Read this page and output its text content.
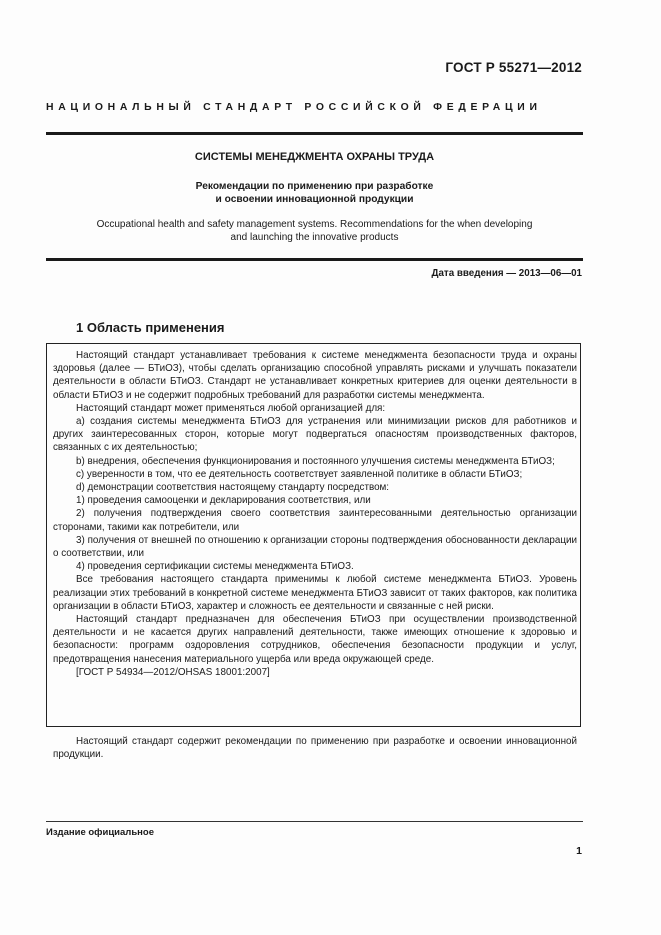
ГОСТ Р 55271—2012
НАЦИОНАЛЬНЫЙ СТАНДАРТ РОССИЙСКОЙ ФЕДЕРАЦИИ
СИСТЕМЫ МЕНЕДЖМЕНТА ОХРАНЫ ТРУДА
Рекомендации по применению при разработке
и освоении инновационной продукции
Occupational health and safety management systems. Recommendations for the when developing
and launching the innovative products
Дата введения — 2013—06—01
1 Область применения

Настоящий стандарт устанавливает требования к системе менеджмента безопасности труда и охраны здоровья (далее — БТиОЗ), чтобы сделать организацию способной управлять рисками и улучшать показатели деятельности в области БТиОЗ. Стандарт не устанавливает конкретных критериев для оценки деятельности в области БТиОЗ и не содержит подробных требований для разработки системы менеджмента.

Настоящий стандарт может применяться любой организацией для:

a) создания системы менеджмента БТиОЗ для устранения или минимизации рисков для работников и других заинтересованных сторон, которые могут подвергаться опасностям производственных факторов, связанных с их деятельностью;

b) внедрения, обеспечения функционирования и постоянного улучшения системы менеджмента БТиОЗ;

c) уверенности в том, что ее деятельность соответствует заявленной политике в области БТиОЗ;

d) демонстрации соответствия настоящему стандарту посредством:

1) проведения самооценки и декларирования соответствия, или

2) получения подтверждения своего соответствия заинтересованными деятельностью организации сторонами, такими как потребители, или

3) получения от внешней по отношению к организации стороны подтверждения обоснованности декларации о соответствии, или

4) проведения сертификации системы менеджмента БТиОЗ.

Все требования настоящего стандарта применимы к любой системе менеджмента БТиОЗ. Уровень реализации этих требований в конкретной системе менеджмента БТиОЗ зависит от таких факторов, как политика организации в области БТиОЗ, характер и сложность ее деятельности и связанные с ней риски.

Настоящий стандарт предназначен для обеспечения БТиОЗ при осуществлении производственной деятельности и не касается других направлений деятельности, также имеющих отношение к здоровью и безопасности: программ оздоровления сотрудников, обеспечения безопасности продукции и услуг, предотвращения нанесения материального ущерба или вреда окружающей среде.

[ГОСТ Р 54934—2012/OHSAS 18001:2007]

Настоящий стандарт содержит рекомендации по применению при разработке и освоении инновационной продукции.

Издание официальное
1
